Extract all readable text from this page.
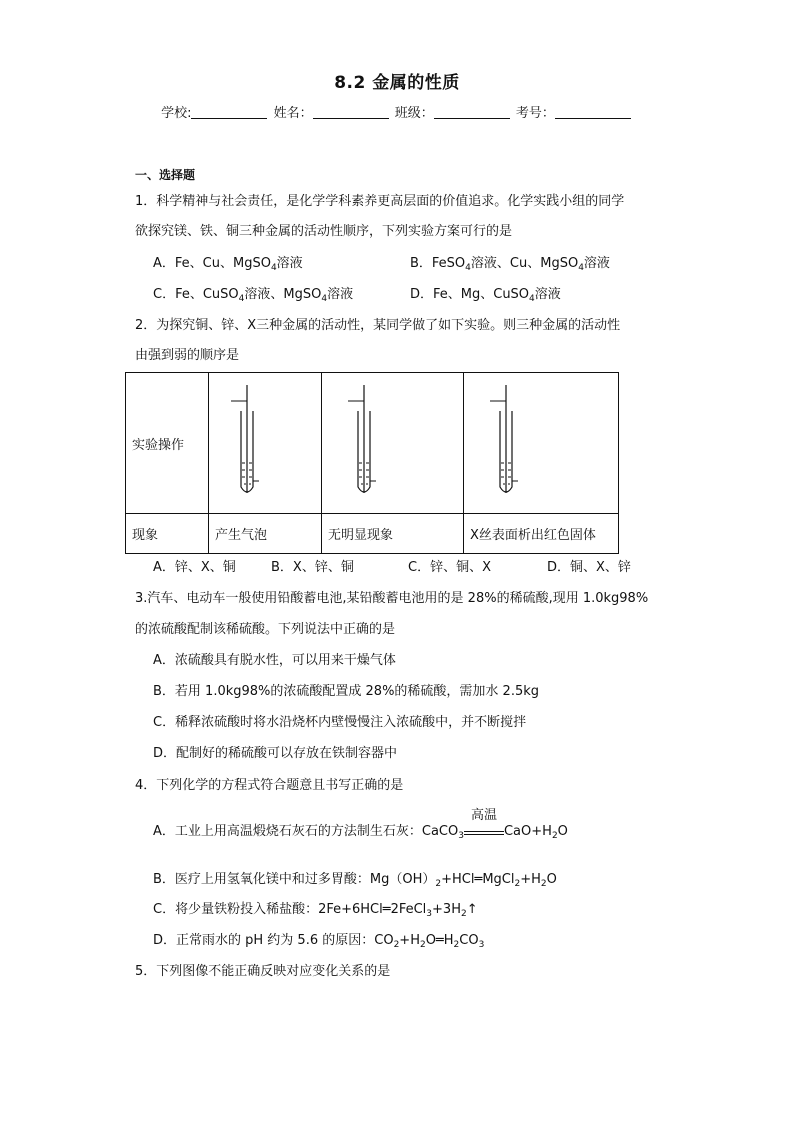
8.2 金属的性质
学校:	姓名：	班级：	考号：
一、选择题
1．科学精神与社会责任，是化学学科素养更高层面的价值追求。化学实践小组的同学
欲探究镁、铁、铜三种金属的活动性顺序，下列实验方案可行的是
A．Fe、Cu、MgSO$_4$溶液	B．FeSO$_4$溶液、Cu、MgSO$_4$溶液
C．Fe、CuSO$_4$溶液、MgSO$_4$溶液	D．Fe、Mg、CuSO$_4$溶液
2．为探究铜、锌、X三种金属的活动性，某同学做了如下实验。则三种金属的活动性
由强到弱的顺序是
实验操作	

现象	产生气泡	无明显现象	X丝表面析出红色固体
A．锌、X、铜	B．X、锌、铜	C．锌、铜、X	D．铜、X、锌
3.汽车、电动车一般使用铅酸蓄电池,某铅酸蓄电池用的是 28%的稀硫酸,现用 1.0kg98%
的浓硫酸配制该稀硫酸。下列说法中正确的是
A．浓硫酸具有脱水性，可以用来干燥气体
B．若用 1.0kg98%的浓硫酸配置成 28%的稀硫酸，需加水 2.5kg
C．稀释浓硫酸时将水沿烧杯内壁慢慢注入浓硫酸中，并不断搅拌
D．配制好的稀硫酸可以存放在铁制容器中
4．下列化学的方程式符合题意且书写正确的是
A．工业上用高温煅烧石灰石的方法制生石灰：CaCO$_3$
高温
$CaO+H_2O$
B．医疗上用氢氧化镁中和过多胃酸：$Mg(OH)_2+HCl═MgCl_2+H_2O$
C．将少量铁粉投入稀盐酸：$2Fe+6HCl═2FeCl_3+3H_2↑$
D．正常雨水的 pH 约为 5.6 的原因：$CO_2+H_2O═H_2CO_3$
5．下列图像不能正确反映对应变化关系的是
